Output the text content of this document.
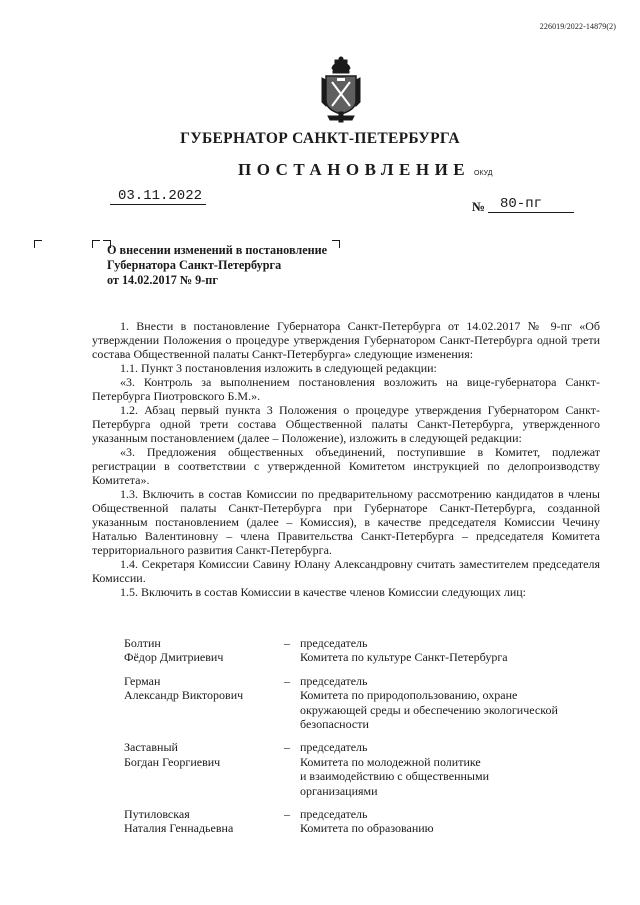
226019/2022-14879(2)
ГУБЕРНАТОР САНКТ-ПЕТЕРБУРГА
ПОСТАНОВЛЕНИЕ ОКУД
03.11.2022
№	80-пг
О внесении изменений в постановление
Губернатора Санкт-Петербурга
от 14.02.2017 № 9-пг

1. Внести в постановление Губернатора Санкт-Петербурга от 14.02.2017 № 9-пг «Об утверждении Положения о процедуре утверждения Губернатором Санкт-Петербурга одной трети состава Общественной палаты Санкт-Петербурга» следующие изменения:

1.1. Пункт 3 постановления изложить в следующей редакции:

«3. Контроль за выполнением постановления возложить на вице-губернатора Санкт-Петербурга Пиотровского Б.М.».

1.2. Абзац первый пункта 3 Положения о процедуре утверждения Губернатором Санкт-Петербурга одной трети состава Общественной палаты Санкт-Петербурга, утвержденного указанным постановлением (далее – Положение), изложить в следующей редакции:

«3. Предложения общественных объединений, поступившие в Комитет, подлежат регистрации в соответствии с утвержденной Комитетом инструкцией по делопроизводству Комитета».

1.3. Включить в состав Комиссии по предварительному рассмотрению кандидатов в члены Общественной палаты Санкт-Петербурга при Губернаторе Санкт-Петербурга, созданной указанным постановлением (далее – Комиссия), в качестве председателя Комиссии Чечину Наталью Валентиновну – члена Правительства Санкт-Петербурга – председателя Комитета территориального развития Санкт-Петербурга.

1.4. Секретаря Комиссии Савину Юлану Александровну считать заместителем председателя Комиссии.

1.5. Включить в состав Комиссии в качестве членов Комиссии следующих лиц:

Болтин
Фёдор Дмитриевич
– председатель
Комитета по культуре Санкт-Петербурга
Герман
Александр Викторович
– председатель
Комитета по природопользованию, охране
окружающей среды и обеспечению экологической
безопасности
Заставный
Богдан Георгиевич
– председатель
Комитета по молодежной политике
и взаимодействию с общественными
организациями
Путиловская
Наталия Геннадьевна
– председатель
Комитета по образованию
